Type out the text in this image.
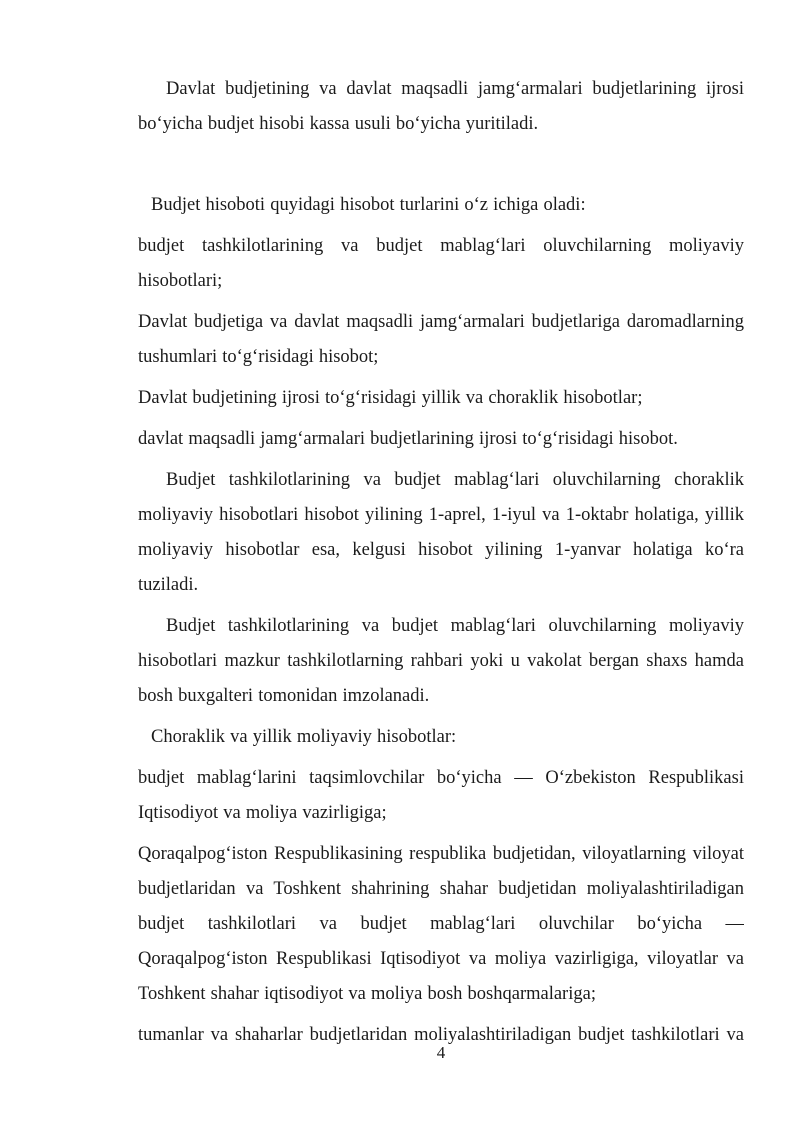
Davlat budjetining va davlat maqsadli jamgʻarmalari budjetlarining ijrosi
boʻyicha budjet hisobi kassa usuli boʻyicha yuritiladi.
Budjet hisoboti quyidagi hisobot turlarini oʻz ichiga oladi:
budjet tashkilotlarining va budjet mablagʻlari oluvchilarning moliyaviy
hisobotlari;
Davlat budjetiga va davlat maqsadli jamgʻarmalari budjetlariga daromadlarning
tushumlari toʻgʻrisidagi hisobot;
Davlat budjetining ijrosi toʻgʻrisidagi yillik va choraklik hisobotlar;
davlat maqsadli jamgʻarmalari budjetlarining ijrosi toʻgʻrisidagi hisobot.
Budjet tashkilotlarining va budjet mablagʻlari oluvchilarning choraklik
moliyaviy hisobotlari hisobot yilining 1-aprel, 1-iyul va 1-oktabr holatiga, yillik
moliyaviy hisobotlar esa, kelgusi hisobot yilining 1-yanvar holatiga koʻra
tuziladi.
Budjet tashkilotlarining va budjet mablagʻlari oluvchilarning moliyaviy
hisobotlari mazkur tashkilotlarning rahbari yoki u vakolat bergan shaxs hamda
bosh buxgalteri tomonidan imzolanadi.
Choraklik va yillik moliyaviy hisobotlar:
budjet mablagʻlarini taqsimlovchilar boʻyicha — Oʻzbekiston Respublikasi
Iqtisodiyot va moliya vazirligiga;
Qoraqalpogʻiston Respublikasining respublika budjetidan, viloyatlarning viloyat
budjetlaridan va Toshkent shahrining shahar budjetidan moliyalashtiriladigan
budjet tashkilotlari va budjet mablagʻlari oluvchilar boʻyicha —
Qoraqalpogʻiston Respublikasi Iqtisodiyot va moliya vazirligiga, viloyatlar va
Toshkent shahar iqtisodiyot va moliya bosh boshqarmalariga;
tumanlar va shaharlar budjetlaridan moliyalashtiriladigan budjet tashkilotlari va
4
